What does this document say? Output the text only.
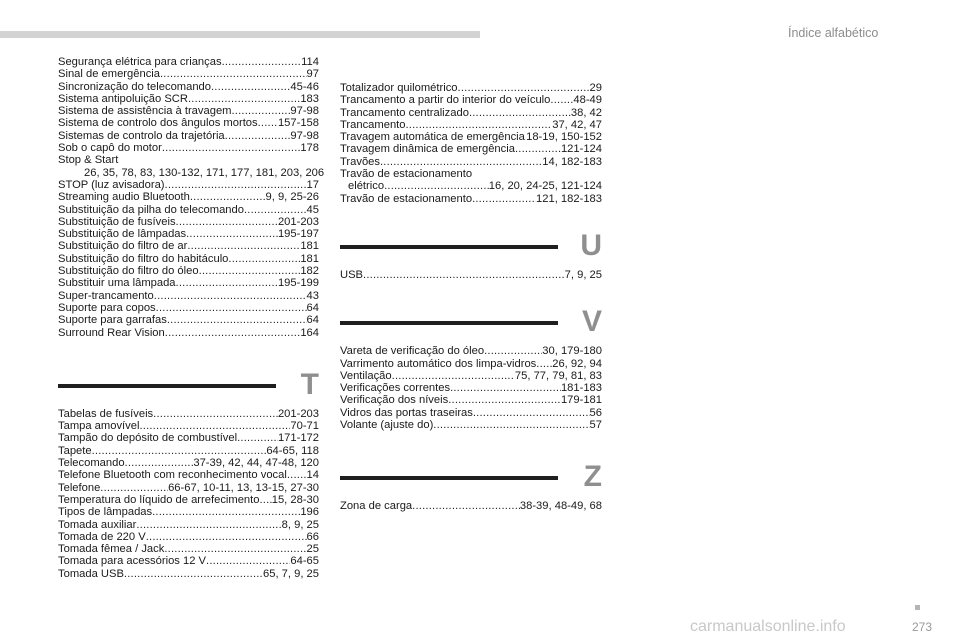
Índice alfabético
Segurança elétrica para crianças .....	114
Sinal de emergência .....	97
Sincronização do telecomando .....	45-46
Sistema antipoluição SCR .....	183
Sistema de assistência à travagem .....	97-98
Sistema de controlo dos ângulos mortos ..... 157-158
Sistemas de controlo da trajetória .....	97-98
Sob o capô do motor .....	178
Stop & Start
26, 35, 78, 83, 130-132, 171, 177, 181, 203, 206
STOP (luz avisadora) .....	17
Streaming audio Bluetooth .....	9, 9, 25-26
Substituição da pilha do telecomando .....	45
Substituição de fusíveis .....	201-203
Substituição de lâmpadas .....	195-197
Substituição do filtro de ar .....	181
Substituição do filtro do habitáculo .....	181
Substituição do filtro do óleo .....	182
Substituir uma lâmpada .....	195-199
Super-trancamento .....	43
Suporte para copos .....	64
Suporte para garrafas .....	64
Surround Rear Vision .....	164
T
Tabelas de fusíveis .....	201-203
Tampa amovível .....	70-71
Tampão do depósito de combustível .....	171-172
Tapete .....	64-65, 118
Telecomando .....	37-39, 42, 44, 47-48, 120
Telefone Bluetooth com reconhecimento vocal ..... 14
Telefone .....	66-67, 10-11, 13, 13-15, 27-30
Temperatura do líquido de arrefecimento ..... 15, 28-30
Tipos de lâmpadas .....	196
Tomada auxiliar .....	8, 9, 25
Tomada de 220 V .....	66
Tomada fêmea / Jack .....	25
Tomada para acessórios 12 V .....	64-65
Tomada USB .....	65, 7, 9, 25
Totalizador quilométrico .....	29
Trancamento a partir do interior do veículo ..... 48-49
Trancamento centralizado .....	38, 42
Trancamento .....	37, 42, 47
Travagem automática de emergência ..... 18-19, 150-152
Travagem dinâmica de emergência .....	121-124
Travões .....	14, 182-183
Travão de estacionamento
elétrico .....	16, 20, 24-25, 121-124
Travão de estacionamento .....	121, 182-183
U
USB .....	7, 9, 25
V
Vareta de verificação do óleo .....	30, 179-180
Varrimento automático dos limpa-vidros ..... 26, 92, 94
Ventilação .....	75, 77, 79, 81, 83
Verificações correntes .....	181-183
Verificação dos níveis .....	179-181
Vidros das portas traseiras .....	56
Volante (ajuste do) .....	57
Z
Zona de carga .....	38-39, 48-49, 68
carmanualsonline.info	273
